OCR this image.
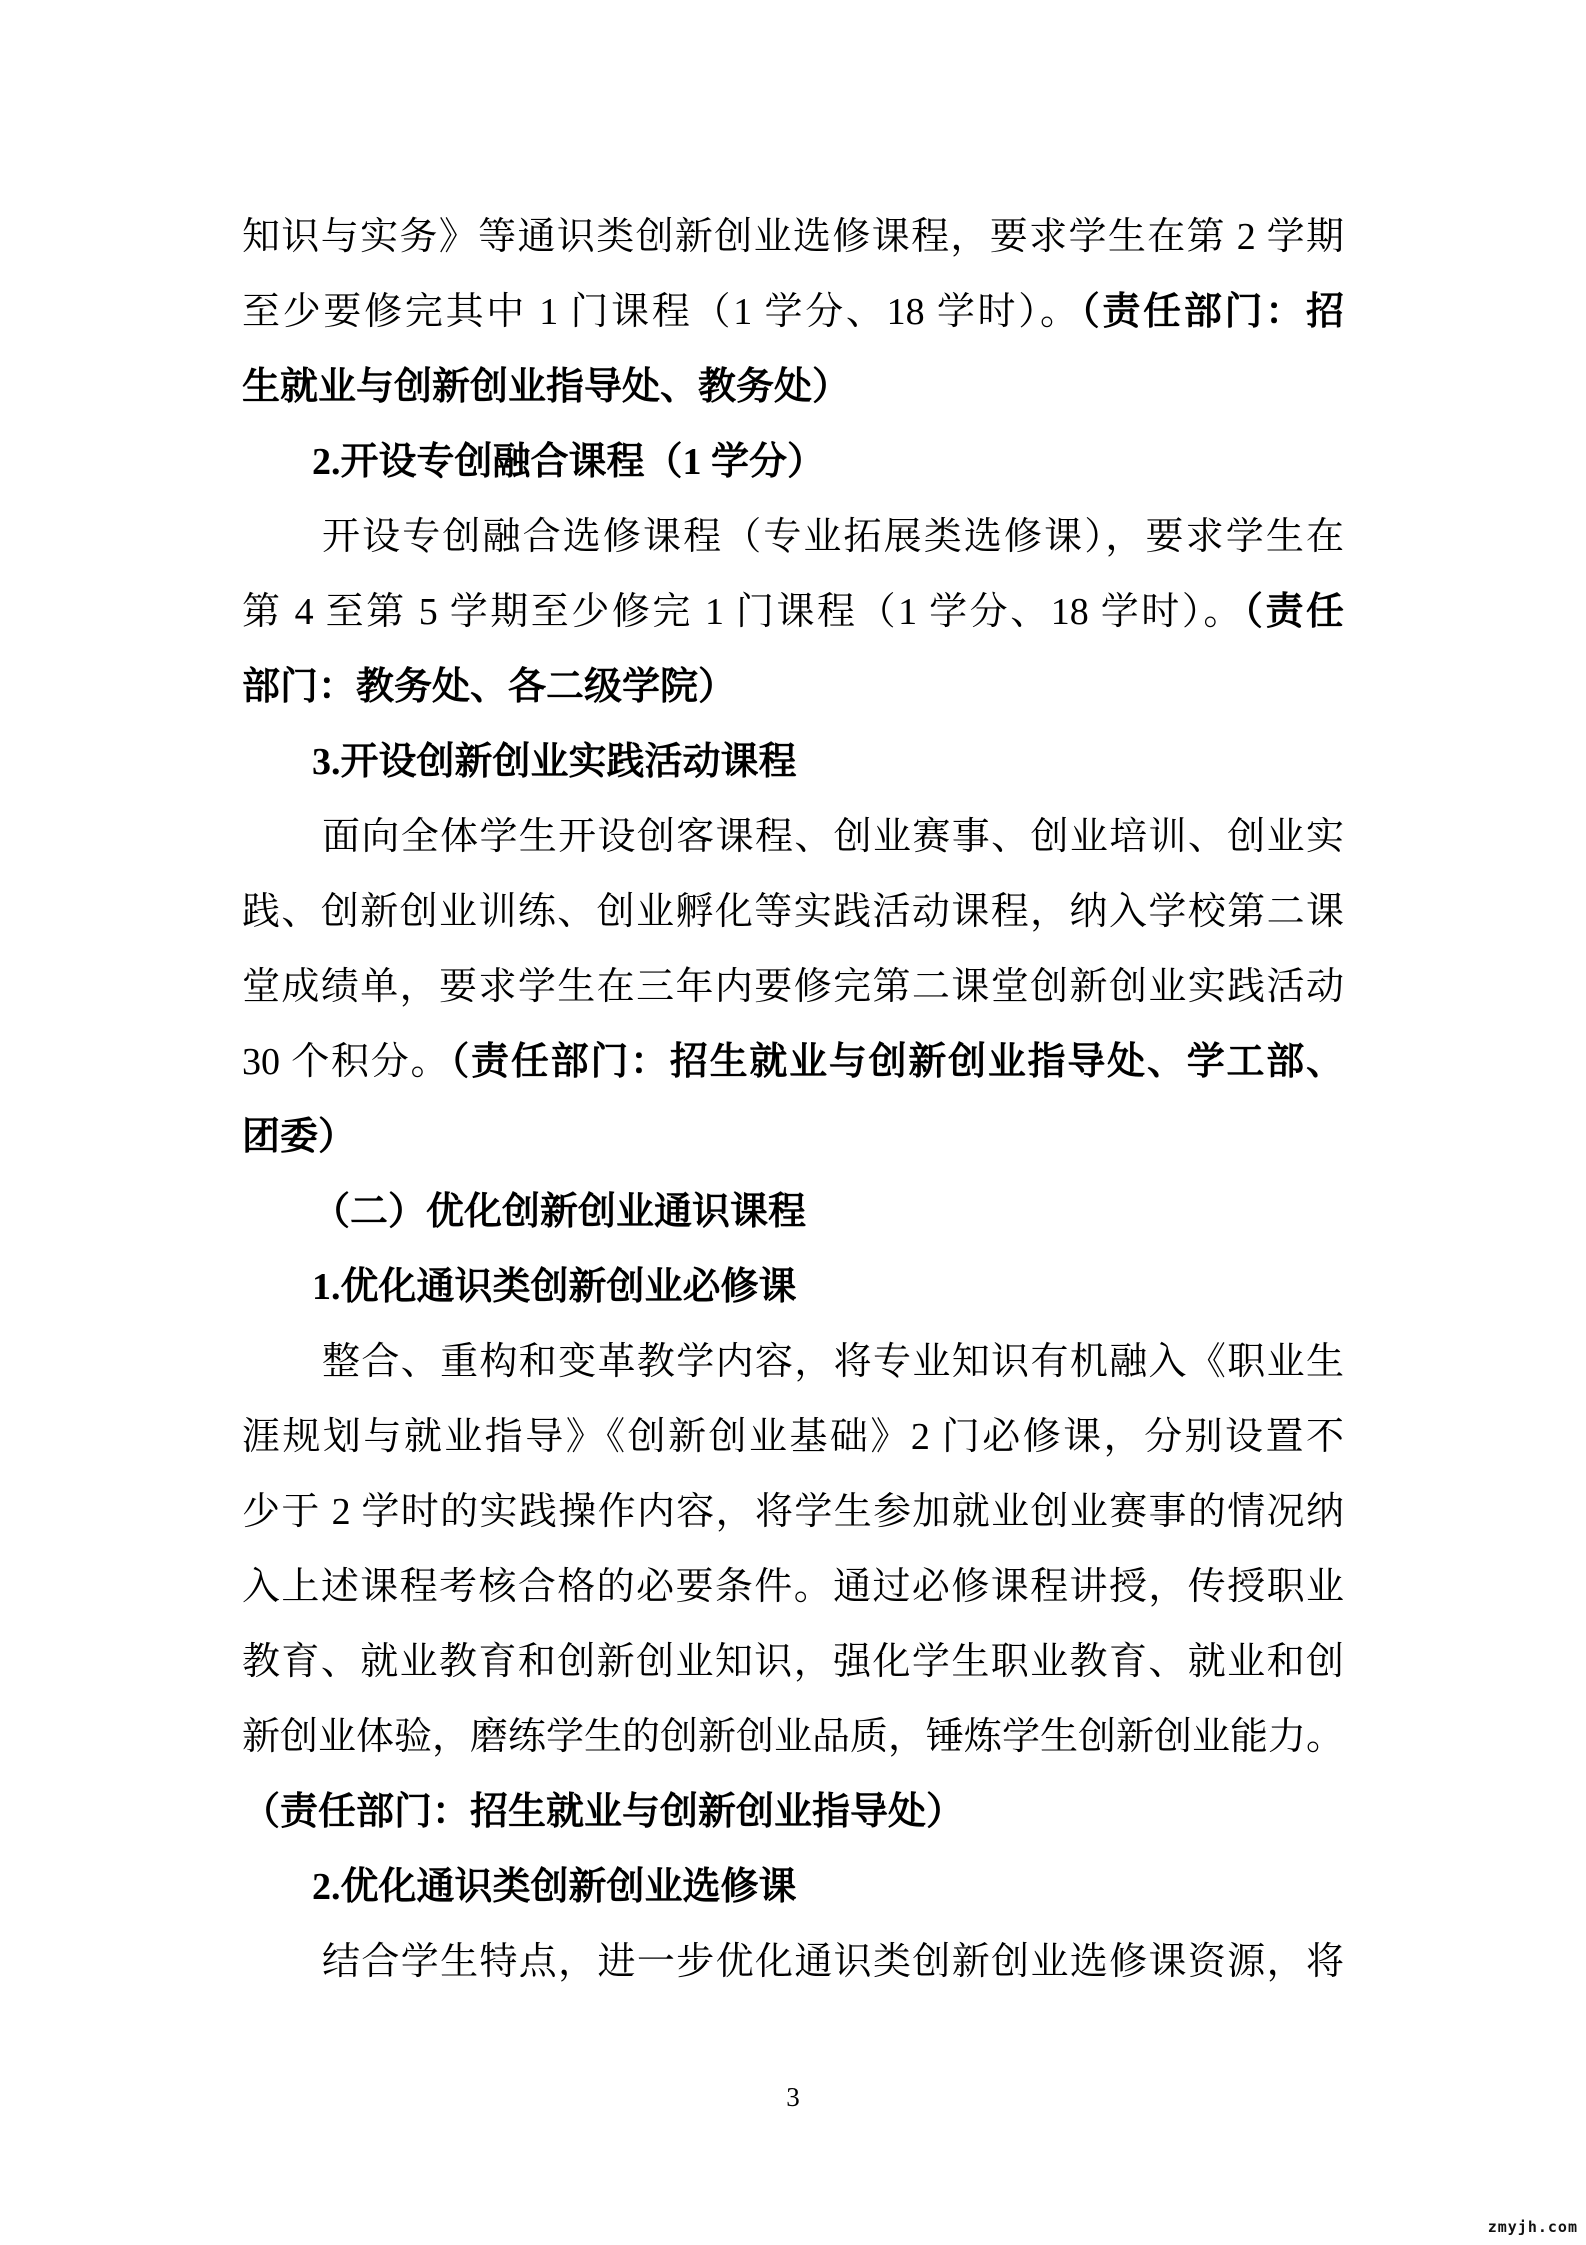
知识与实务》等通识类创新创业选修课程，要求学生在第 2 学期

至少要修完其中 1 门课程（1 学分、18 学时）。（责任部门：招

生就业与创新创业指导处、教务处）

2.开设专创融合课程（1 学分）

开设专创融合选修课程（专业拓展类选修课），要求学生在

第 4 至第 5 学期至少修完 1 门课程（1 学分、18 学时）。（责任

部门：教务处、各二级学院）

3.开设创新创业实践活动课程

面向全体学生开设创客课程、创业赛事、创业培训、创业实

践、创新创业训练、创业孵化等实践活动课程，纳入学校第二课

堂成绩单，要求学生在三年内要修完第二课堂创新创业实践活动

30 个积分。（责任部门：招生就业与创新创业指导处、学工部、

团委）

（二）优化创新创业通识课程

1.优化通识类创新创业必修课

整合、重构和变革教学内容，将专业知识有机融入《职业生

涯规划与就业指导》《创新创业基础》2 门必修课，分别设置不

少于 2 学时的实践操作内容，将学生参加就业创业赛事的情况纳

入上述课程考核合格的必要条件。通过必修课程讲授，传授职业

教育、就业教育和创新创业知识，强化学生职业教育、就业和创

新创业体验，磨练学生的创新创业品质，锤炼学生创新创业能力。

（责任部门：招生就业与创新创业指导处）

2.优化通识类创新创业选修课

结合学生特点，进一步优化通识类创新创业选修课资源，将

3
zmyjh.com
